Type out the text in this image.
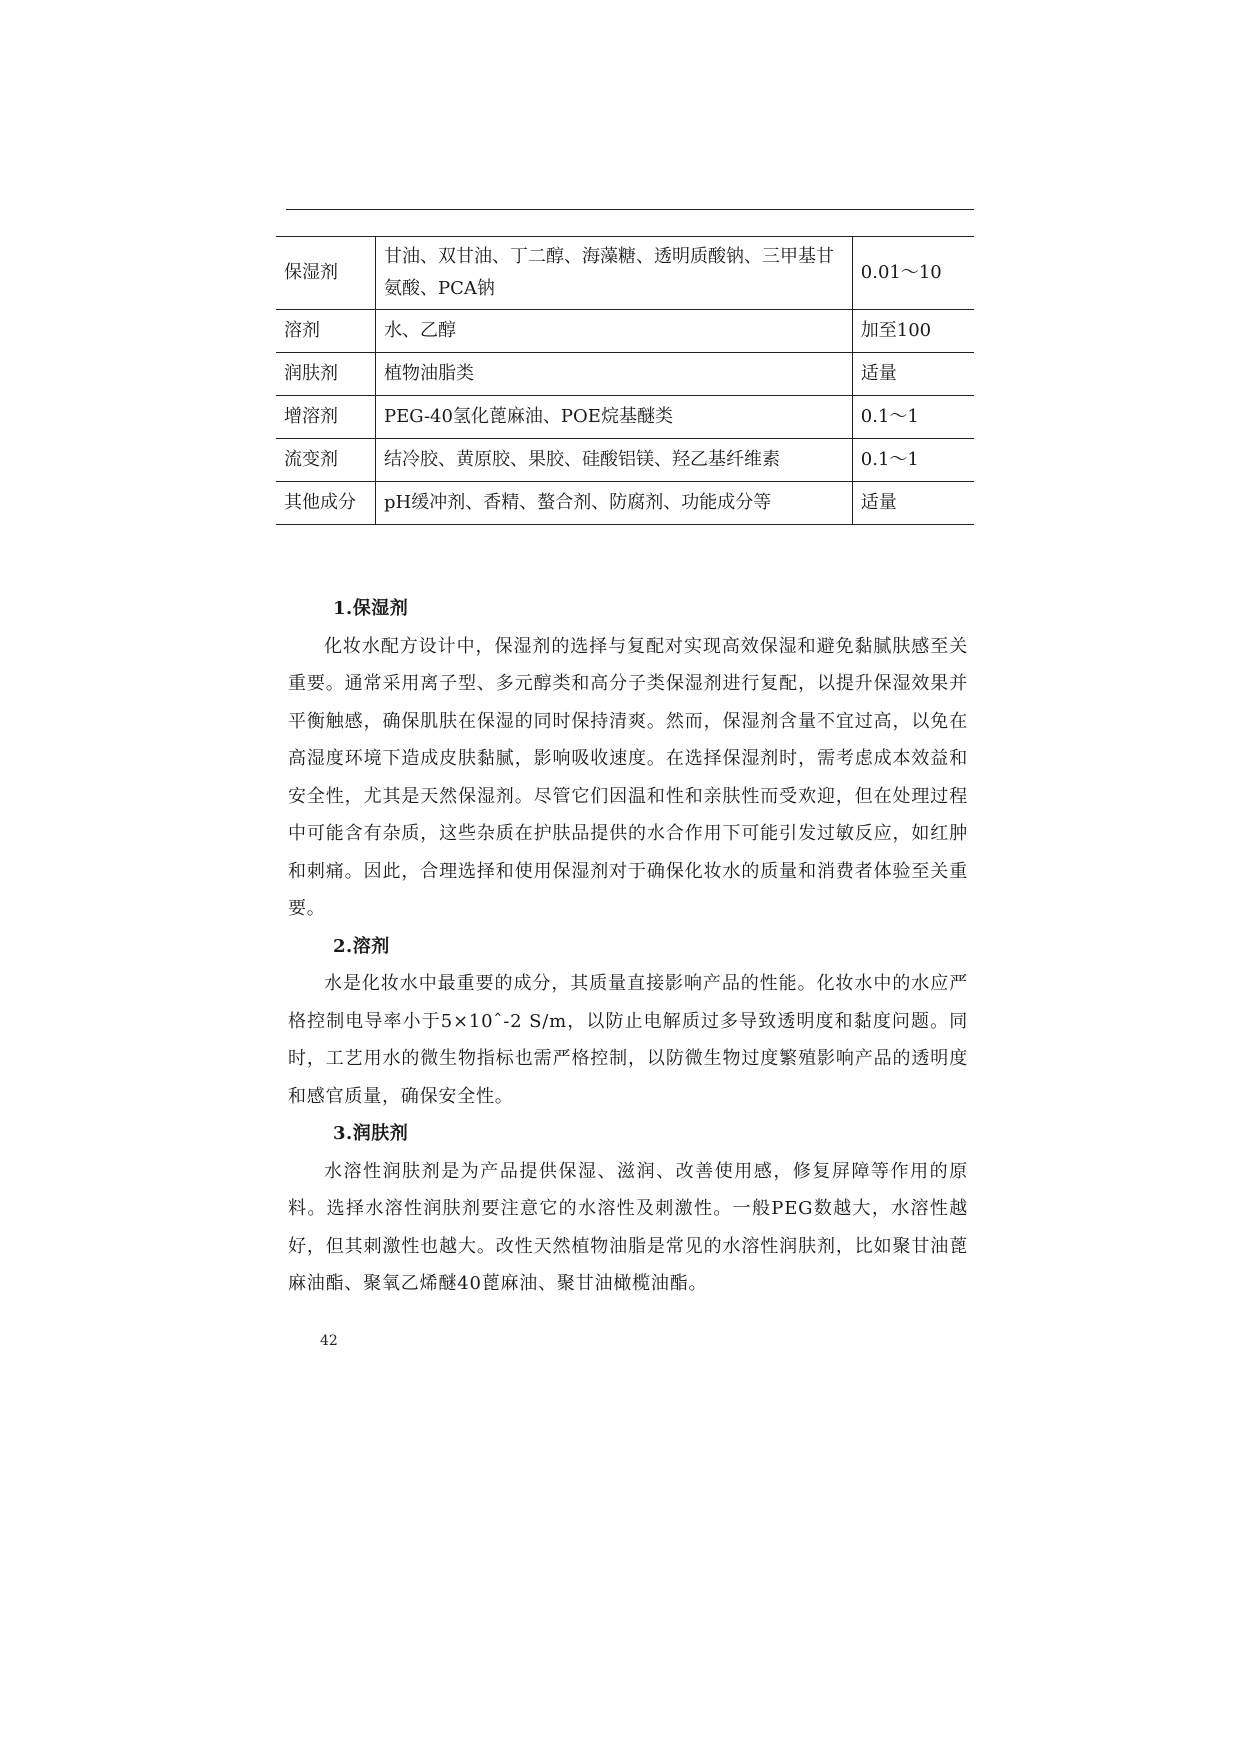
保湿剂	甘油、双甘油、丁二醇、海藻糖、透明质酸钠、三甲基甘氨酸、PCA钠	0.01～10
溶剂	水、乙醇	加至100
润肤剂	植物油脂类	适量
增溶剂	PEG-40氢化蓖麻油、POE烷基醚类	0.1～1
流变剂	结冷胶、黄原胶、果胶、硅酸铝镁、羟乙基纤维素	0.1～1
其他成分	pH缓冲剂、香精、螯合剂、防腐剂、功能成分等	适量
1.保湿剂

化妆水配方设计中，保湿剂的选择与复配对实现高效保湿和避免黏腻肤感至关重要。通常采用离子型、多元醇类和高分子类保湿剂进行复配，以提升保湿效果并平衡触感，确保肌肤在保湿的同时保持清爽。然而，保湿剂含量不宜过高，以免在高湿度环境下造成皮肤黏腻，影响吸收速度。在选择保湿剂时，需考虑成本效益和安全性，尤其是天然保湿剂。尽管它们因温和性和亲肤性而受欢迎，但在处理过程中可能含有杂质，这些杂质在护肤品提供的水合作用下可能引发过敏反应，如红肿和刺痛。因此，合理选择和使用保湿剂对于确保化妆水的质量和消费者体验至关重要。

2.溶剂

水是化妆水中最重要的成分，其质量直接影响产品的性能。化妆水中的水应严格控制电导率小于5×10ˆ-2 S/m，以防止电解质过多导致透明度和黏度问题。同时，工艺用水的微生物指标也需严格控制，以防微生物过度繁殖影响产品的透明度和感官质量，确保安全性。

3.润肤剂

水溶性润肤剂是为产品提供保湿、滋润、改善使用感，修复屏障等作用的原料。选择水溶性润肤剂要注意它的水溶性及刺激性。一般PEG数越大，水溶性越好，但其刺激性也越大。改性天然植物油脂是常见的水溶性润肤剂，比如聚甘油蓖麻油酯、聚氧乙烯醚40蓖麻油、聚甘油橄榄油酯。

42
